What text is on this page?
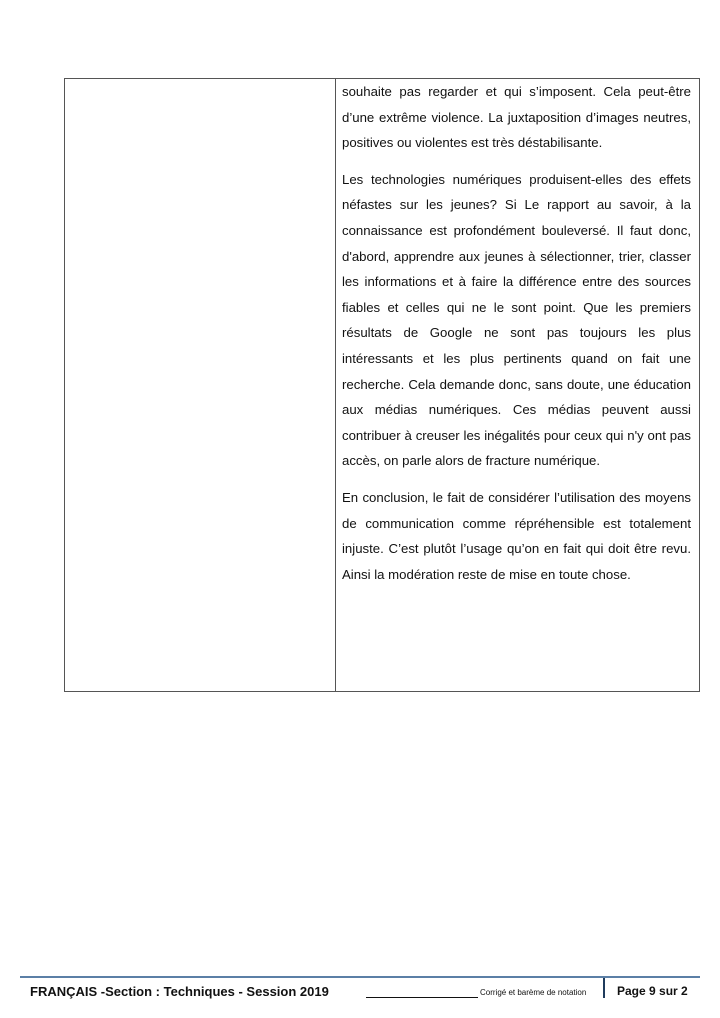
souhaite pas regarder et qui s’imposent. Cela peut-être d’une extrême violence. La juxtaposition d’images neutres, positives ou violentes est très déstabilisante.

Les technologies numériques produisent-elles des effets néfastes sur les jeunes? Si Le rapport au savoir, à la connaissance est profondément bouleversé. Il faut donc, d'abord, apprendre aux jeunes à sélectionner, trier, classer les informations et à faire la différence entre des sources fiables et celles qui ne le sont point. Que les premiers résultats de Google ne sont pas toujours les plus intéressants et les plus pertinents quand on fait une recherche. Cela demande donc, sans doute, une éducation aux médias numériques. Ces médias peuvent aussi contribuer à creuser les inégalités pour ceux qui n'y ont pas accès, on parle alors de fracture numérique.

En conclusion, le fait de considérer l’utilisation des moyens de communication comme répréhensible est totalement injuste. C’est plutôt l’usage qu’on en fait qui doit être revu. Ainsi la modération reste de mise en toute chose.

FRANÇAIS -Section : Techniques - Session 2019	Corrigé et barème de notation	Page 9 sur 2
